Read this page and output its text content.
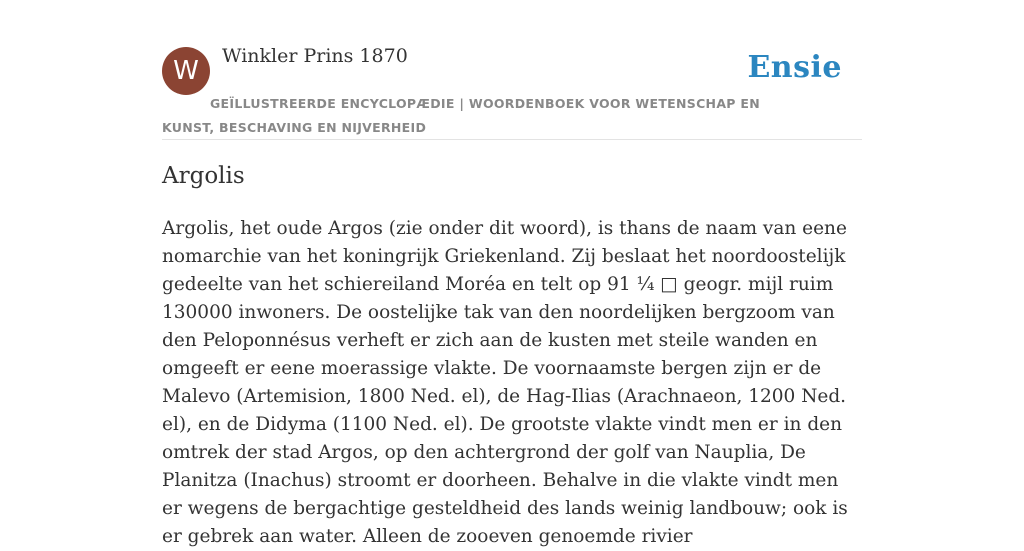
W	Winkler Prins 1870	Ensie
GEÏLLUSTREERDE ENCYCLOPÆDIE | WOORDENBOEK VOOR WETENSCHAP EN KUNST, BESCHAVING EN NIJVERHEID
Argolis

Argolis, het oude Argos (zie onder dit woord), is thans de naam van eene nomarchie van het koningrijk Griekenland. Zij beslaat het noordoostelijk gedeelte van het schiereiland Moréa en telt op 91 ¼ □ geogr. mijl ruim 130000 inwoners. De oostelijke tak van den noordelijken bergzoom van den Peloponnésus verheft er zich aan de kusten met steile wanden en omgeeft er eene moerassige vlakte. De voornaamste bergen zijn er de Malevo (Artemision, 1800 Ned. el), de Hag-Ilias (Arachnaeon, 1200 Ned. el), en de Didyma (1100 Ned. el). De grootste vlakte vindt men er in den omtrek der stad Argos, op den achtergrond der golf van Nauplia, De Planitza (Inachus) stroomt er doorheen. Behalve in die vlakte vindt men er wegens de bergachtige gesteldheid des lands weinig landbouw; ook is er gebrek aan water. Alleen de zooeven genoemde rivier
